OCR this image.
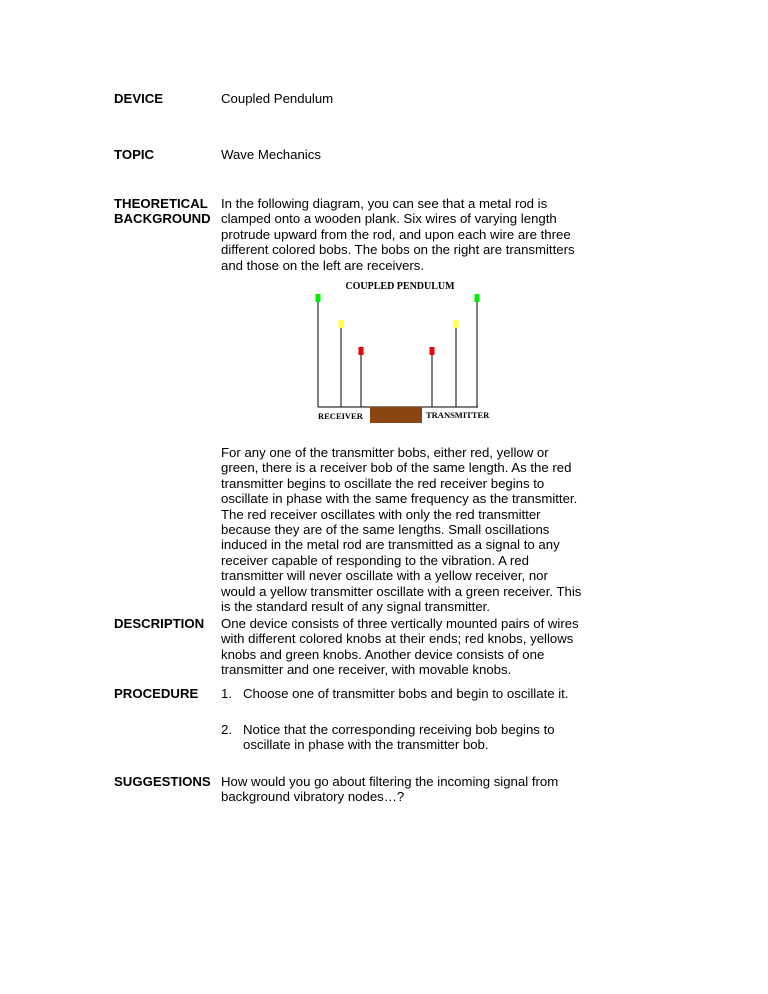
DEVICE	Coupled Pendulum
TOPIC	Wave Mechanics
THEORETICAL
BACKGROUND

In the following diagram, you can see that a metal rod is clamped onto a wooden plank. Six wires of varying length protrude upward from the rod, and upon each wire are three different colored bobs. The bobs on the right are transmitters and those on the left are receivers.

COUPLED PENDULUM
RECEIVER	TRANSMITTER

For any one of the transmitter bobs, either red, yellow or green, there is a receiver bob of the same length. As the red transmitter begins to oscillate the red receiver begins to oscillate in phase with the same frequency as the transmitter. The red receiver oscillates with only the red transmitter because they are of the same lengths. Small oscillations induced in the metal rod are transmitted as a signal to any receiver capable of responding to the vibration. A red transmitter will never oscillate with a yellow receiver, nor would a yellow transmitter oscillate with a green receiver. This is the standard result of any signal transmitter.

DESCRIPTION	One device consists of three vertically mounted pairs of wires with different colored knobs at their ends; red knobs, yellows knobs and green knobs. Another device consists of one transmitter and one receiver, with movable knobs.
PROCEDURE	1. Choose one of transmitter bobs and begin to oscillate it.
2. Notice that the corresponding receiving bob begins to oscillate in phase with the transmitter bob.
SUGGESTIONS How would you go about filtering the incoming signal from background vibratory nodes…?
